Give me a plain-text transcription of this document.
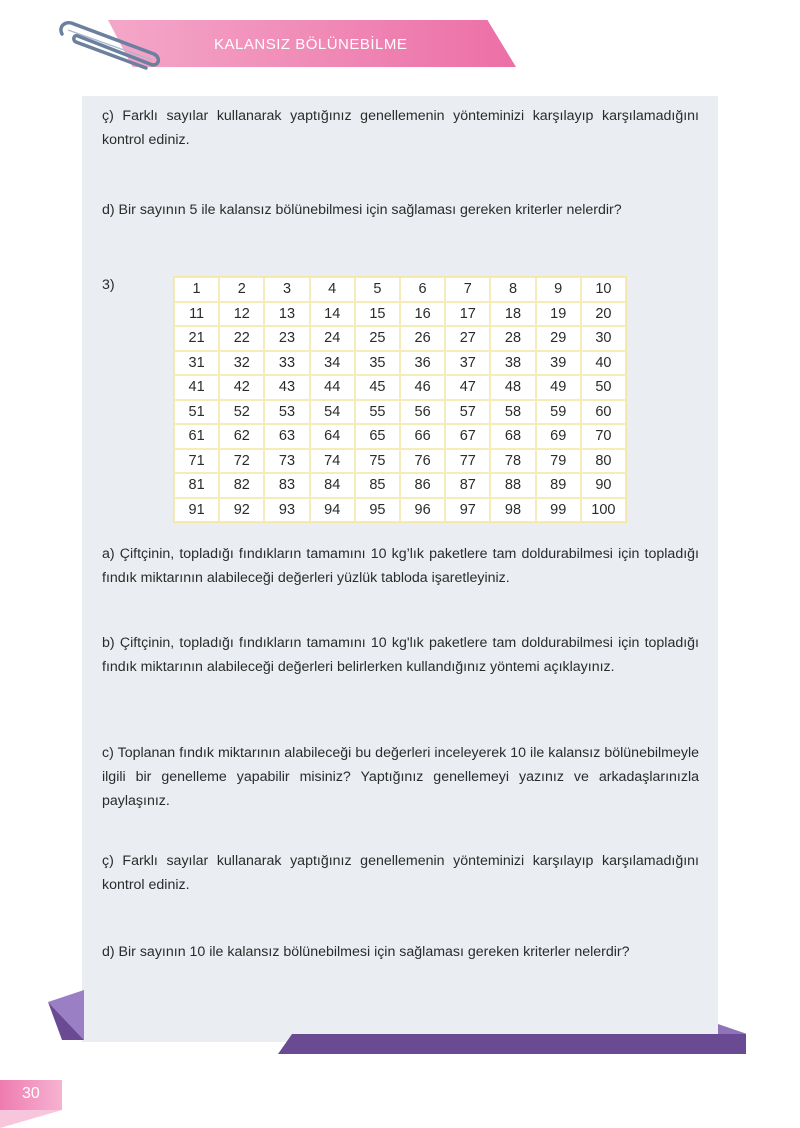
KALANSIZ BÖLÜNEBİLME
ç) Farklı sayılar kullanarak yaptığınız genellemenin yönteminizi karşılayıp karşılamadığını kontrol ediniz.
d) Bir sayının 5 ile kalansız bölünebilmesi için sağlaması gereken kriterler nelerdir?
3)	1	2	3	4	5	6	7	8	9	10
11	12	13	14	15	16	17	18	19	20
21	22	23	24	25	26	27	28	29	30
31	32	33	34	35	36	37	38	39	40
41	42	43	44	45	46	47	48	49	50
51	52	53	54	55	56	57	58	59	60
61	62	63	64	65	66	67	68	69	70
71	72	73	74	75	76	77	78	79	80
81	82	83	84	85	86	87	88	89	90
91	92	93	94	95	96	97	98	99	100
a) Çiftçinin, topladığı fındıkların tamamını 10 kg’lık paketlere tam doldurabilmesi için topladığı fındık miktarının alabileceği değerleri yüzlük tabloda işaretleyiniz.
b) Çiftçinin, topladığı fındıkların tamamını 10 kg'lık paketlere tam doldurabilmesi için topladığı fındık miktarının alabileceği değerleri belirlerken kullandığınız yöntemi açıklayınız.
c) Toplanan fındık miktarının alabileceği bu değerleri inceleyerek 10 ile kalansız bölünebilmeyle ilgili bir genelleme yapabilir misiniz? Yaptığınız genellemeyi yazınız ve arkadaşlarınızla paylaşınız.
ç) Farklı sayılar kullanarak yaptığınız genellemenin yönteminizi karşılayıp karşılamadığını kontrol ediniz.
d) Bir sayının 10 ile kalansız bölünebilmesi için sağlaması gereken kriterler nelerdir?
30
